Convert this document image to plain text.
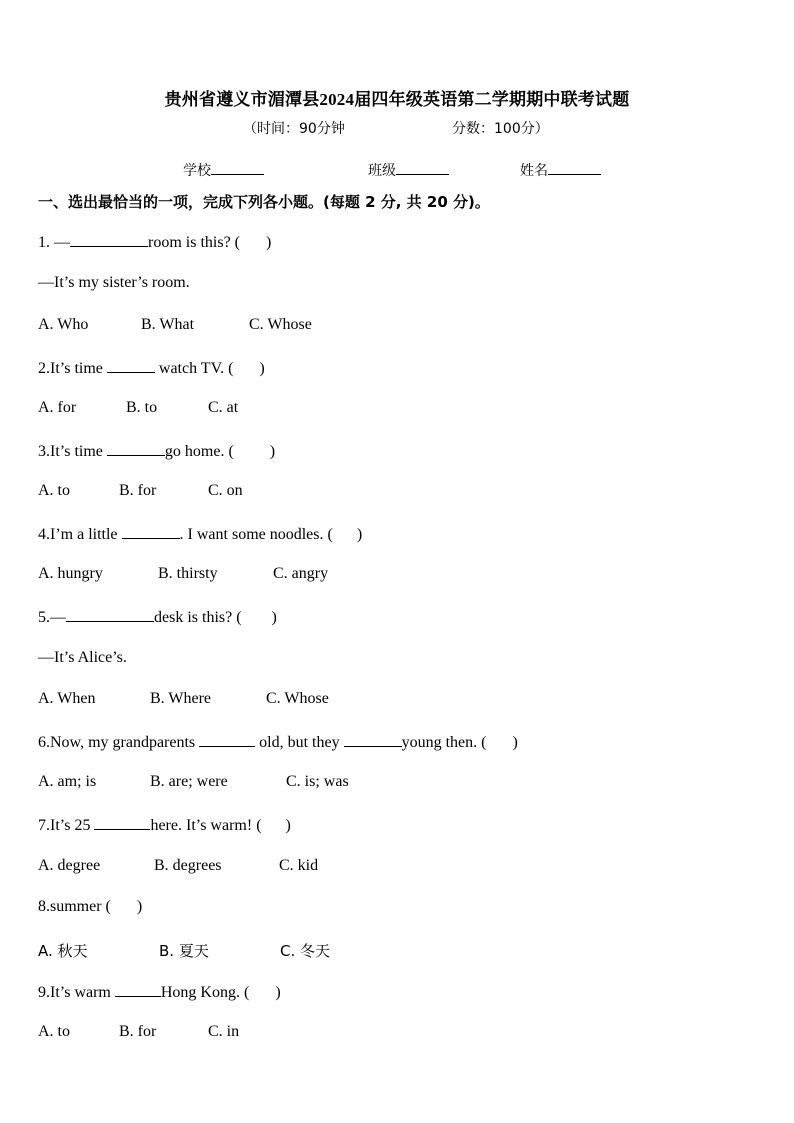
贵州省遵义市湄潭县2024届四年级英语第二学期期中联考试题
（时间：90分钟	分数：100分）
学校	班级	姓名
一、选出最恰当的一项，完成下列各小题。(每题 2 分, 共 20 分)。
1. —	room is this? ( )
—It’s my sister’s room.
A. Who	B. What	C. Whose
2.It’s time	watch TV. ( )
A. for	B. to	C. at
3.It’s time	go home. ( )
A. to	B. for	C. on
4.I’m a little	. I want some noodles. ( )
A. hungry	B. thirsty	C. angry
5.—	desk is this? ( )
—It’s Alice’s.
A. When	B. Where	C. Whose
6.Now, my grandparents	old, but they	young then. ( )
A. am; is	B. are; were	C. is; was
7.It’s 25	here. It’s warm! ( )
A. degree	B. degrees	C. kid
8.summer ( )
A. 秋天	B. 夏天	C. 冬天
9.It’s warm	Hong Kong. ( )
A. to	B. for	C. in
